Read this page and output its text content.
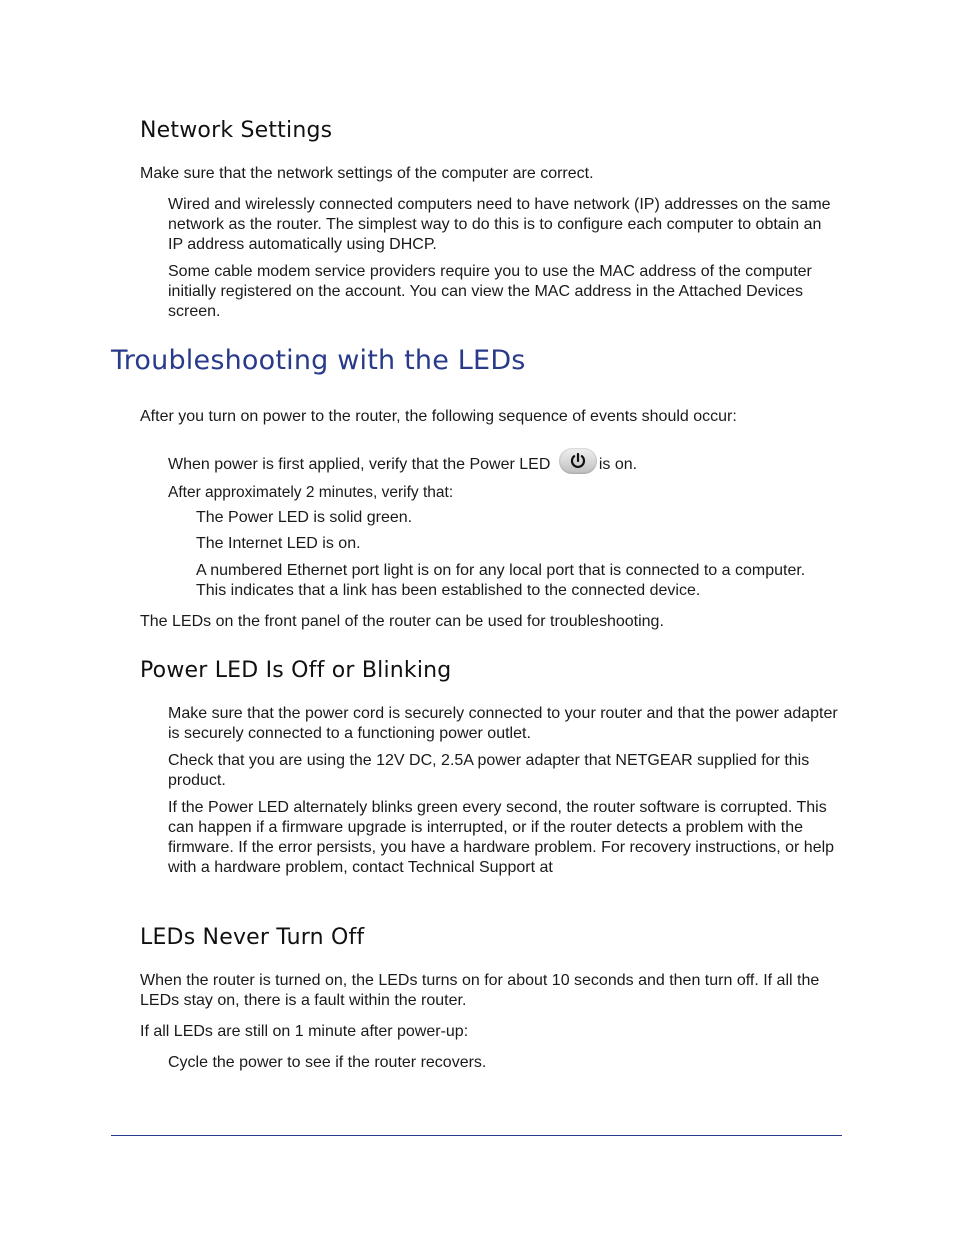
Network Settings

Make sure that the network settings of the computer are correct.

Wired and wirelessly connected computers need to have network (IP) addresses on the same network as the router. The simplest way to do this is to configure each computer to obtain an IP address automatically using DHCP.

Some cable modem service providers require you to use the MAC address of the computer initially registered on the account. You can view the MAC address in the Attached Devices screen.

Troubleshooting with the LEDs

After you turn on power to the router, the following sequence of events should occur:

When power is first applied, verify that the Power LED	is on.

After approximately 2 minutes, verify that:

The Power LED is solid green.

The Internet LED is on.

A numbered Ethernet port light is on for any local port that is connected to a computer. This indicates that a link has been established to the connected device.

The LEDs on the front panel of the router can be used for troubleshooting.

Power LED Is Off or Blinking

Make sure that the power cord is securely connected to your router and that the power adapter is securely connected to a functioning power outlet.

Check that you are using the 12V DC, 2.5A power adapter that NETGEAR supplied for this product.

If the Power LED alternately blinks green every second, the router software is corrupted. This can happen if a firmware upgrade is interrupted, or if the router detects a problem with the firmware. If the error persists, you have a hardware problem. For recovery instructions, or help with a hardware problem, contact Technical Support at

LEDs Never Turn Off

When the router is turned on, the LEDs turns on for about 10 seconds and then turn off. If all the LEDs stay on, there is a fault within the router.

If all LEDs are still on 1 minute after power-up:

Cycle the power to see if the router recovers.
